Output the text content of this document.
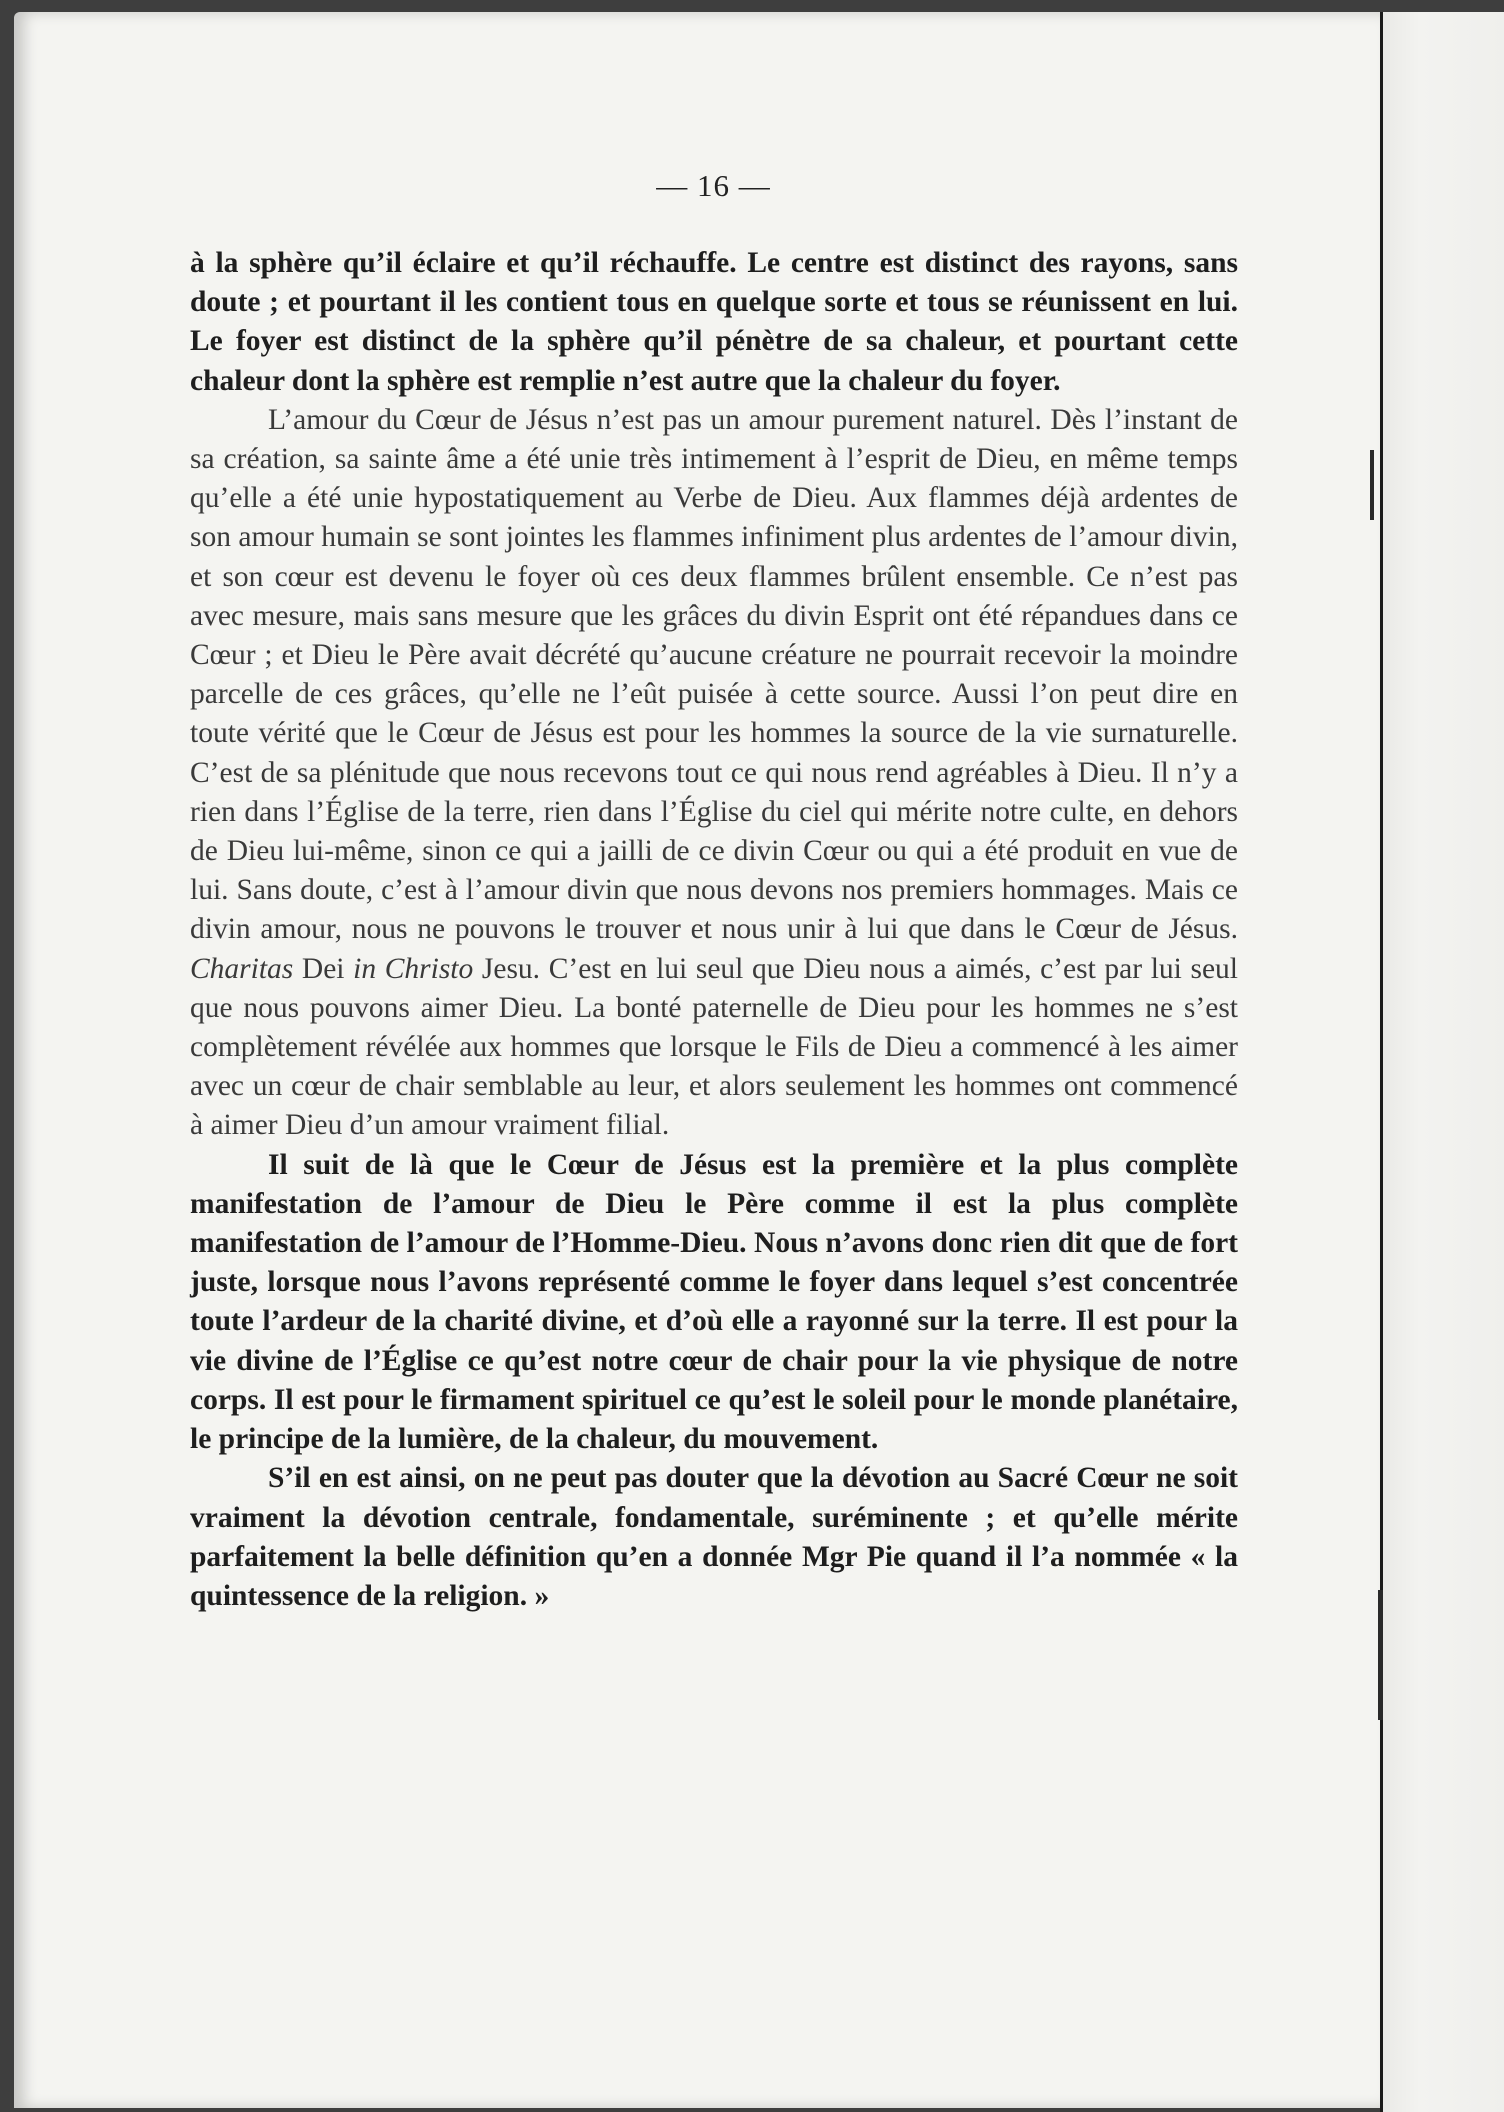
— 16 —

à la sphère qu’il éclaire et qu’il réchauffe. Le centre est distinct des rayons, sans doute ; et pourtant il les contient tous en quelque sorte et tous se réunissent en lui. Le foyer est distinct de la sphère qu’il pénètre de sa chaleur, et pourtant cette chaleur dont la sphère est remplie n’est autre que la chaleur du foyer.

L’amour du Cœur de Jésus n’est pas un amour purement naturel. Dès l’instant de sa création, sa sainte âme a été unie très intimement à l’esprit de Dieu, en même temps qu’elle a été unie hypostatiquement au Verbe de Dieu. Aux flammes déjà ardentes de son amour humain se sont jointes les flammes infiniment plus ardentes de l’amour divin, et son cœur est devenu le foyer où ces deux flammes brûlent ensemble. Ce n’est pas avec mesure, mais sans mesure que les grâces du divin Esprit ont été répandues dans ce Cœur ; et Dieu le Père avait décrété qu’aucune créature ne pourrait recevoir la moindre parcelle de ces grâces, qu’elle ne l’eût puisée à cette source. Aussi l’on peut dire en toute vérité que le Cœur de Jésus est pour les hommes la source de la vie surnaturelle. C’est de sa plénitude que nous recevons tout ce qui nous rend agréables à Dieu. Il n’y a rien dans l’Église de la terre, rien dans l’Église du ciel qui mérite notre culte, en dehors de Dieu lui-même, sinon ce qui a jailli de ce divin Cœur ou qui a été produit en vue de lui. Sans doute, c’est à l’amour divin que nous devons nos premiers hommages. Mais ce divin amour, nous ne pouvons le trouver et nous unir à lui que dans le Cœur de Jésus. Charitas Dei in Christo Jesu. C’est en lui seul que Dieu nous a aimés, c’est par lui seul que nous pouvons aimer Dieu. La bonté paternelle de Dieu pour les hommes ne s’est complètement révélée aux hommes que lorsque le Fils de Dieu a commencé à les aimer avec un cœur de chair semblable au leur, et alors seulement les hommes ont commencé à aimer Dieu d’un amour vraiment filial.

Il suit de là que le Cœur de Jésus est la première et la plus complète manifestation de l’amour de Dieu le Père comme il est la plus complète manifestation de l’amour de l’Homme-Dieu. Nous n’avons donc rien dit que de fort juste, lorsque nous l’avons représenté comme le foyer dans lequel s’est concentrée toute l’ardeur de la charité divine, et d’où elle a rayonné sur la terre. Il est pour la vie divine de l’Église ce qu’est notre cœur de chair pour la vie physique de notre corps. Il est pour le firmament spirituel ce qu’est le soleil pour le monde planétaire, le principe de la lumière, de la chaleur, du mouvement.

S’il en est ainsi, on ne peut pas douter que la dévotion au Sacré Cœur ne soit vraiment la dévotion centrale, fondamentale, suréminente ; et qu’elle mérite parfaitement la belle définition qu’en a donnée Mgr Pie quand il l’a nommée « la quintessence de la religion. »
